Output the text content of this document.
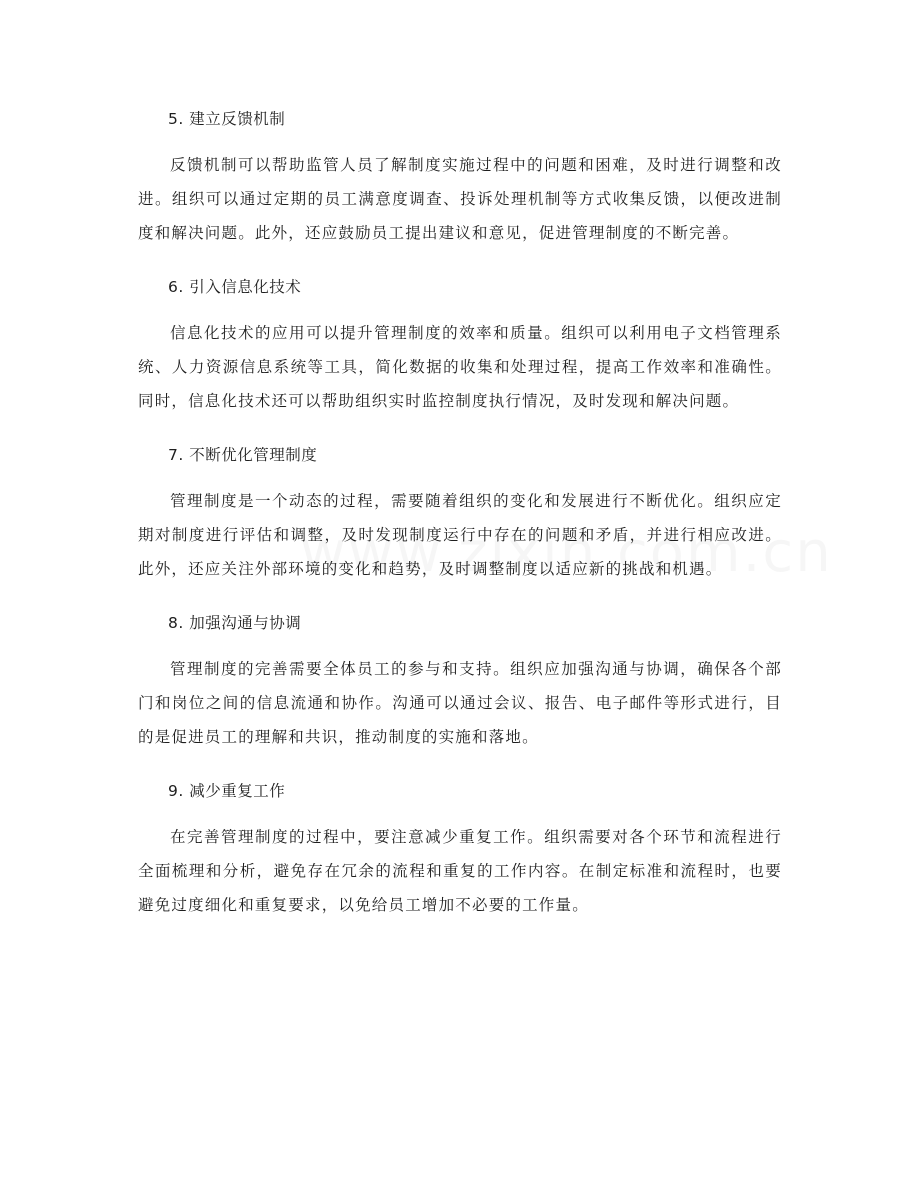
5. 建立反馈机制

反馈机制可以帮助监管人员了解制度实施过程中的问题和困难，及时进行调整和改进。组织可以通过定期的员工满意度调查、投诉处理机制等方式收集反馈，以便改进制度和解决问题。此外，还应鼓励员工提出建议和意见，促进管理制度的不断完善。

6. 引入信息化技术

信息化技术的应用可以提升管理制度的效率和质量。组织可以利用电子文档管理系统、人力资源信息系统等工具，简化数据的收集和处理过程，提高工作效率和准确性。同时，信息化技术还可以帮助组织实时监控制度执行情况，及时发现和解决问题。

7. 不断优化管理制度

管理制度是一个动态的过程，需要随着组织的变化和发展进行不断优化。组织应定期对制度进行评估和调整，及时发现制度运行中存在的问题和矛盾，并进行相应改进。此外，还应关注外部环境的变化和趋势，及时调整制度以适应新的挑战和机遇。

8. 加强沟通与协调

管理制度的完善需要全体员工的参与和支持。组织应加强沟通与协调，确保各个部门和岗位之间的信息流通和协作。沟通可以通过会议、报告、电子邮件等形式进行，目的是促进员工的理解和共识，推动制度的实施和落地。

9. 减少重复工作

在完善管理制度的过程中，要注意减少重复工作。组织需要对各个环节和流程进行全面梳理和分析，避免存在冗余的流程和重复的工作内容。在制定标准和流程时，也要避免过度细化和重复要求，以免给员工增加不必要的工作量。
